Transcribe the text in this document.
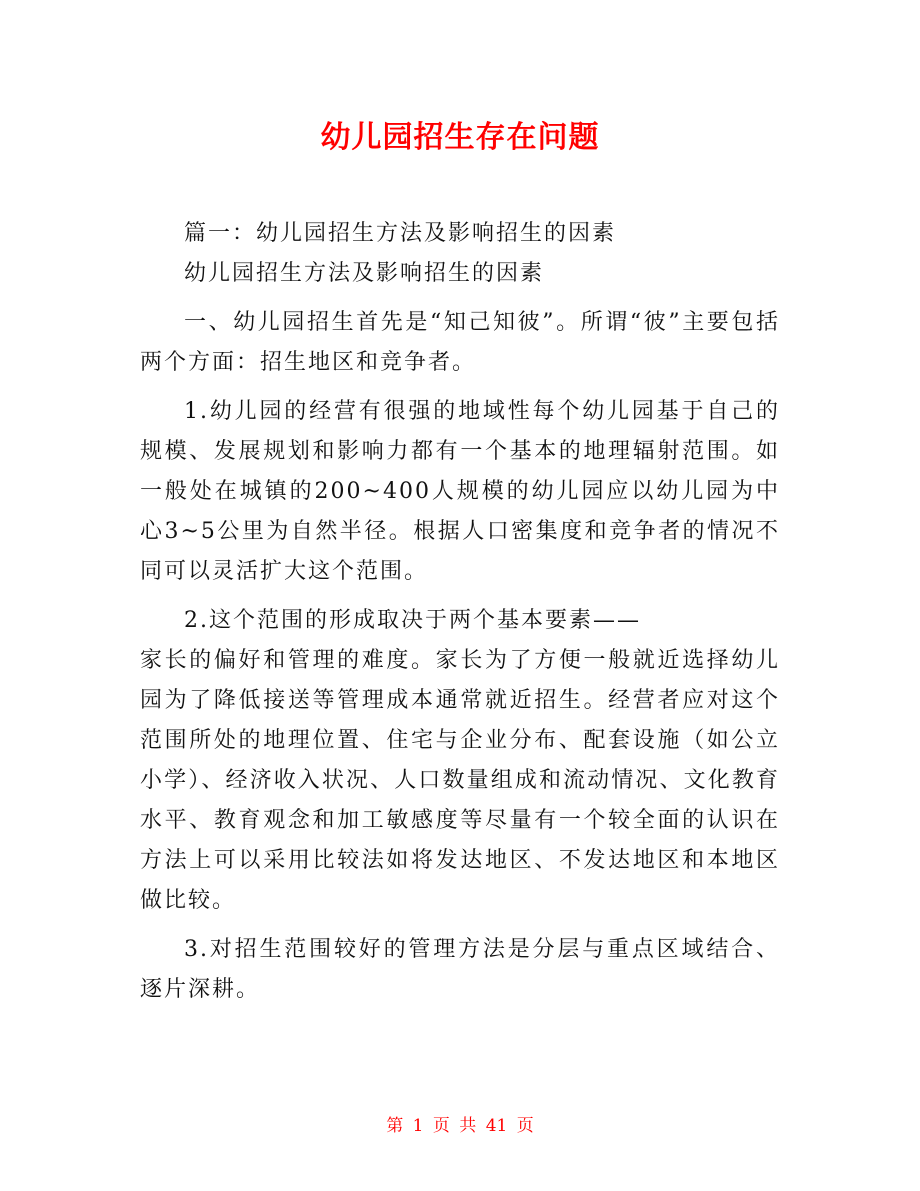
幼儿园招生存在问题

篇一：幼儿园招生方法及影响招生的因素

幼儿园招生方法及影响招生的因素

一、幼儿园招生首先是“知己知彼”。所谓“彼”主要包括两个方面：招生地区和竞争者。

1.幼儿园的经营有很强的地域性每个幼儿园基于自己的规模、发展规划和影响力都有一个基本的地理辐射范围。如一般处在城镇的200~400人规模的幼儿园应以幼儿园为中心3~5公里为自然半径。根据人口密集度和竞争者的情况不同可以灵活扩大这个范围。

2.这个范围的形成取决于两个基本要素——

家长的偏好和管理的难度。家长为了方便一般就近选择幼儿园为了降低接送等管理成本通常就近招生。经营者应对这个范围所处的地理位置、住宅与企业分布、配套设施（如公立小学）、经济收入状况、人口数量组成和流动情况、文化教育水平、教育观念和加工敏感度等尽量有一个较全面的认识在方法上可以采用比较法如将发达地区、不发达地区和本地区做比较。

3.对招生范围较好的管理方法是分层与重点区域结合、逐片深耕。

第 1 页 共 41 页
